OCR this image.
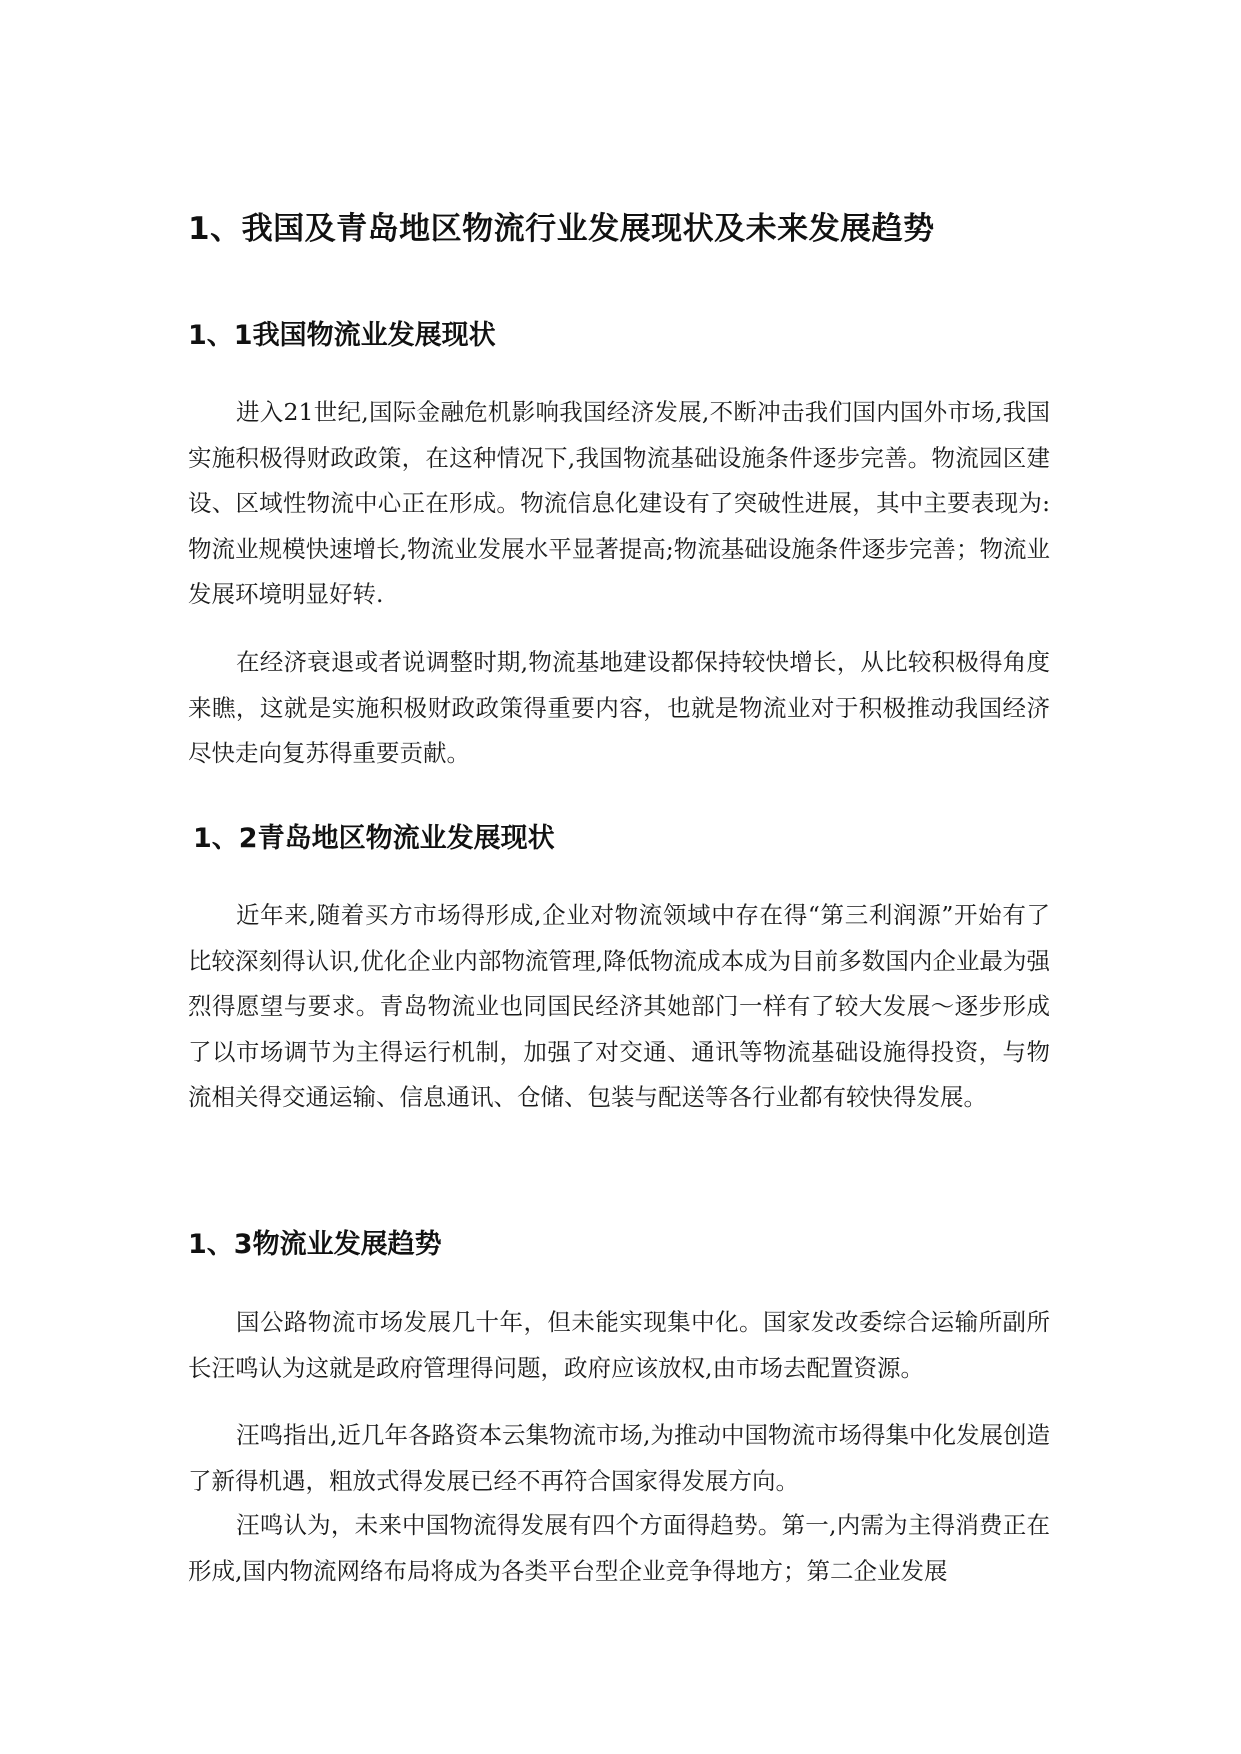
1、我国及青岛地区物流行业发展现状及未来发展趋势
1、1我国物流业发展现状

进入21世纪,国际金融危机影响我国经济发展,不断冲击我们国内国外市场,我国实施积极得财政政策，在这种情况下,我国物流基础设施条件逐步完善。物流园区建设、区域性物流中心正在形成。物流信息化建设有了突破性进展，其中主要表现为:物流业规模快速增长,物流业发展水平显著提高;物流基础设施条件逐步完善；物流业发展环境明显好转.

在经济衰退或者说调整时期,物流基地建设都保持较快增长，从比较积极得角度来瞧，这就是实施积极财政政策得重要内容，也就是物流业对于积极推动我国经济尽快走向复苏得重要贡献。

1、2青岛地区物流业发展现状

近年来,随着买方市场得形成,企业对物流领域中存在得“第三利润源”开始有了比较深刻得认识,优化企业内部物流管理,降低物流成本成为目前多数国内企业最为强烈得愿望与要求。青岛物流业也同国民经济其她部门一样有了较大发展～逐步形成了以市场调节为主得运行机制，加强了对交通、通讯等物流基础设施得投资，与物流相关得交通运输、信息通讯、仓储、包装与配送等各行业都有较快得发展。

1、3物流业发展趋势

国公路物流市场发展几十年，但未能实现集中化。国家发改委综合运输所副所长汪鸣认为这就是政府管理得问题，政府应该放权,由市场去配置资源。

汪鸣指出,近几年各路资本云集物流市场,为推动中国物流市场得集中化发展创造了新得机遇，粗放式得发展已经不再符合国家得发展方向。

汪鸣认为，未来中国物流得发展有四个方面得趋势。第一,内需为主得消费正在形成,国内物流网络布局将成为各类平台型企业竞争得地方；第二企业发展
